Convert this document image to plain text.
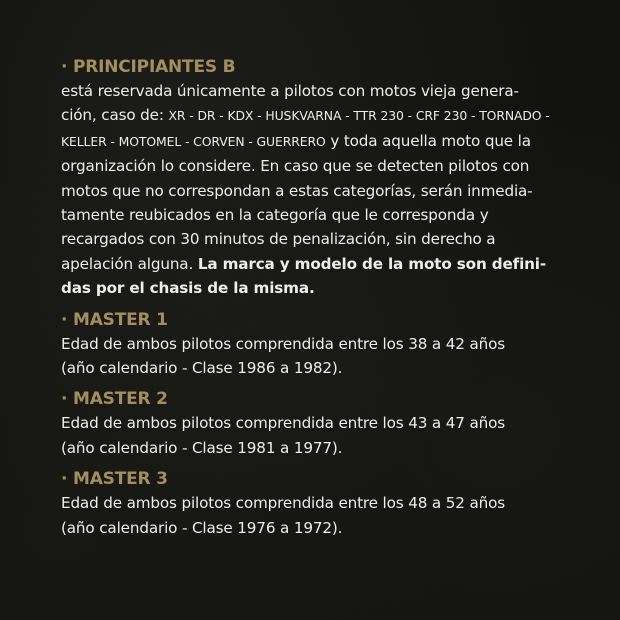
· PRINCIPIANTES B

está reservada únicamente a pilotos con motos vieja genera-
ción, caso de: XR - DR - KDX - HUSKVARNA - TTR 230 - CRF 230 - TORNADO -
KELLER - MOTOMEL - CORVEN - GUERRERO y toda aquella moto que la
organización lo considere. En caso que se detecten pilotos con
motos que no correspondan a estas categorías, serán inmedia-
tamente reubicados en la categoría que le corresponda y
recargados con 30 minutos de penalización, sin derecho a
apelación alguna. La marca y modelo de la moto son defini-
das por el chasis de la misma.

· MASTER 1

Edad de ambos pilotos comprendida entre los 38 a 42 años
(año calendario - Clase 1986 a 1982).

· MASTER 2

Edad de ambos pilotos comprendida entre los 43 a 47 años
(año calendario - Clase 1981 a 1977).

· MASTER 3

Edad de ambos pilotos comprendida entre los 48 a 52 años
(año calendario - Clase 1976 a 1972).
